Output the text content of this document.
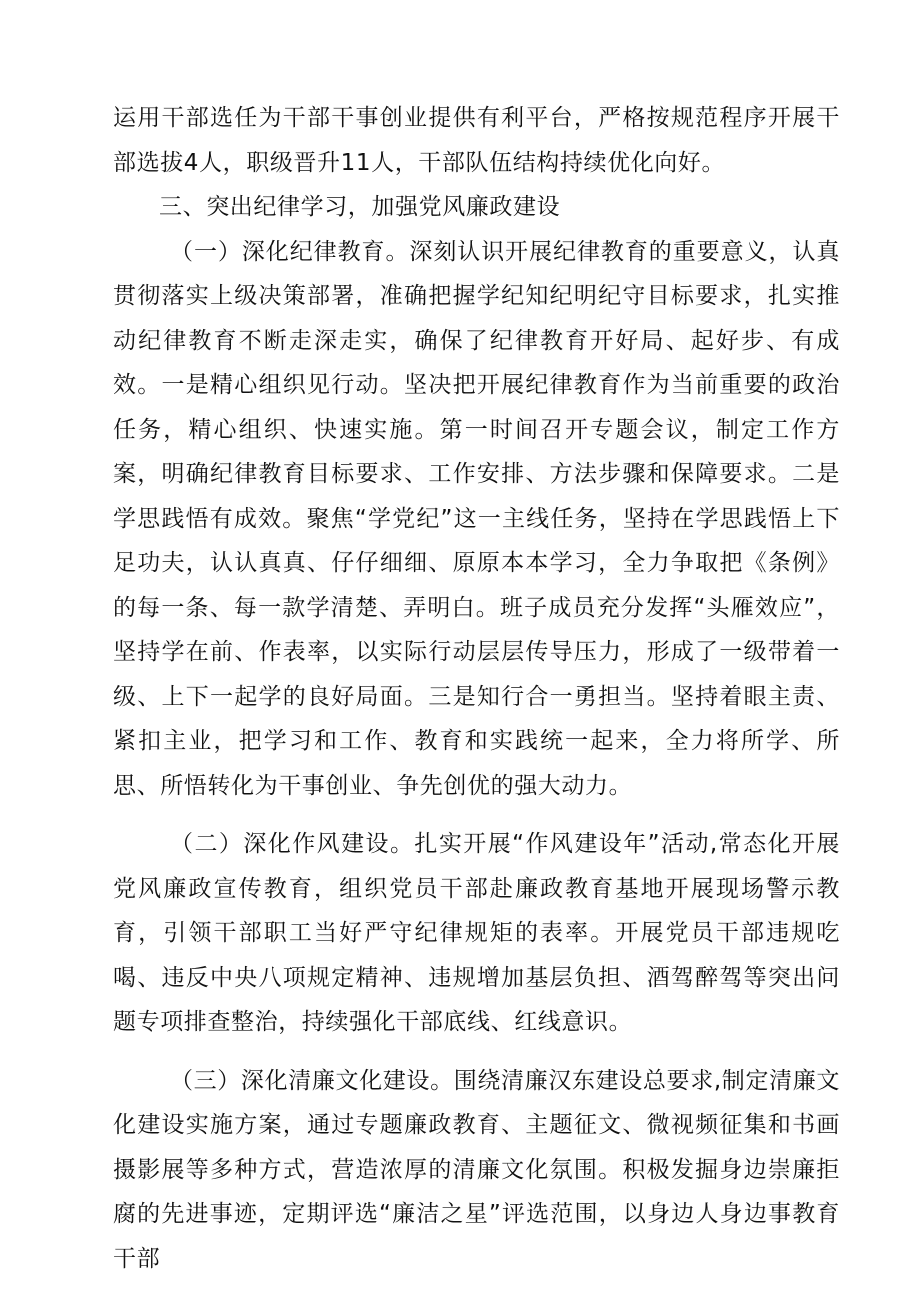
运用干部选任为干部干事创业提供有利平台，严格按规范程序开展干部选拔4人，职级晋升11人，干部队伍结构持续优化向好。

三、突出纪律学习，加强党风廉政建设

（一）深化纪律教育。深刻认识开展纪律教育的重要意义，认真贯彻落实上级决策部署，准确把握学纪知纪明纪守目标要求，扎实推动纪律教育不断走深走实，确保了纪律教育开好局、起好步、有成效。一是精心组织见行动。坚决把开展纪律教育作为当前重要的政治任务，精心组织、快速实施。第一时间召开专题会议，制定工作方案，明确纪律教育目标要求、工作安排、方法步骤和保障要求。二是学思践悟有成效。聚焦“学党纪”这一主线任务，坚持在学思践悟上下足功夫，认认真真、仔仔细细、原原本本学习，全力争取把《条例》的每一条、每一款学清楚、弄明白。班子成员充分发挥“头雁效应”，坚持学在前、作表率，以实际行动层层传导压力，形成了一级带着一级、上下一起学的良好局面。三是知行合一勇担当。坚持着眼主责、紧扣主业，把学习和工作、教育和实践统一起来，全力将所学、所思、所悟转化为干事创业、争先创优的强大动力。

（二）深化作风建设。扎实开展“作风建设年”活动,常态化开展党风廉政宣传教育，组织党员干部赴廉政教育基地开展现场警示教育，引领干部职工当好严守纪律规矩的表率。开展党员干部违规吃喝、违反中央八项规定精神、违规增加基层负担、酒驾醉驾等突出问题专项排查整治，持续强化干部底线、红线意识。

（三）深化清廉文化建设。围绕清廉汉东建设总要求,制定清廉文化建设实施方案，通过专题廉政教育、主题征文、微视频征集和书画摄影展等多种方式，营造浓厚的清廉文化氛围。积极发掘身边崇廉拒腐的先进事迹，定期评选“廉洁之星”评选范围，以身边人身边事教育干部
